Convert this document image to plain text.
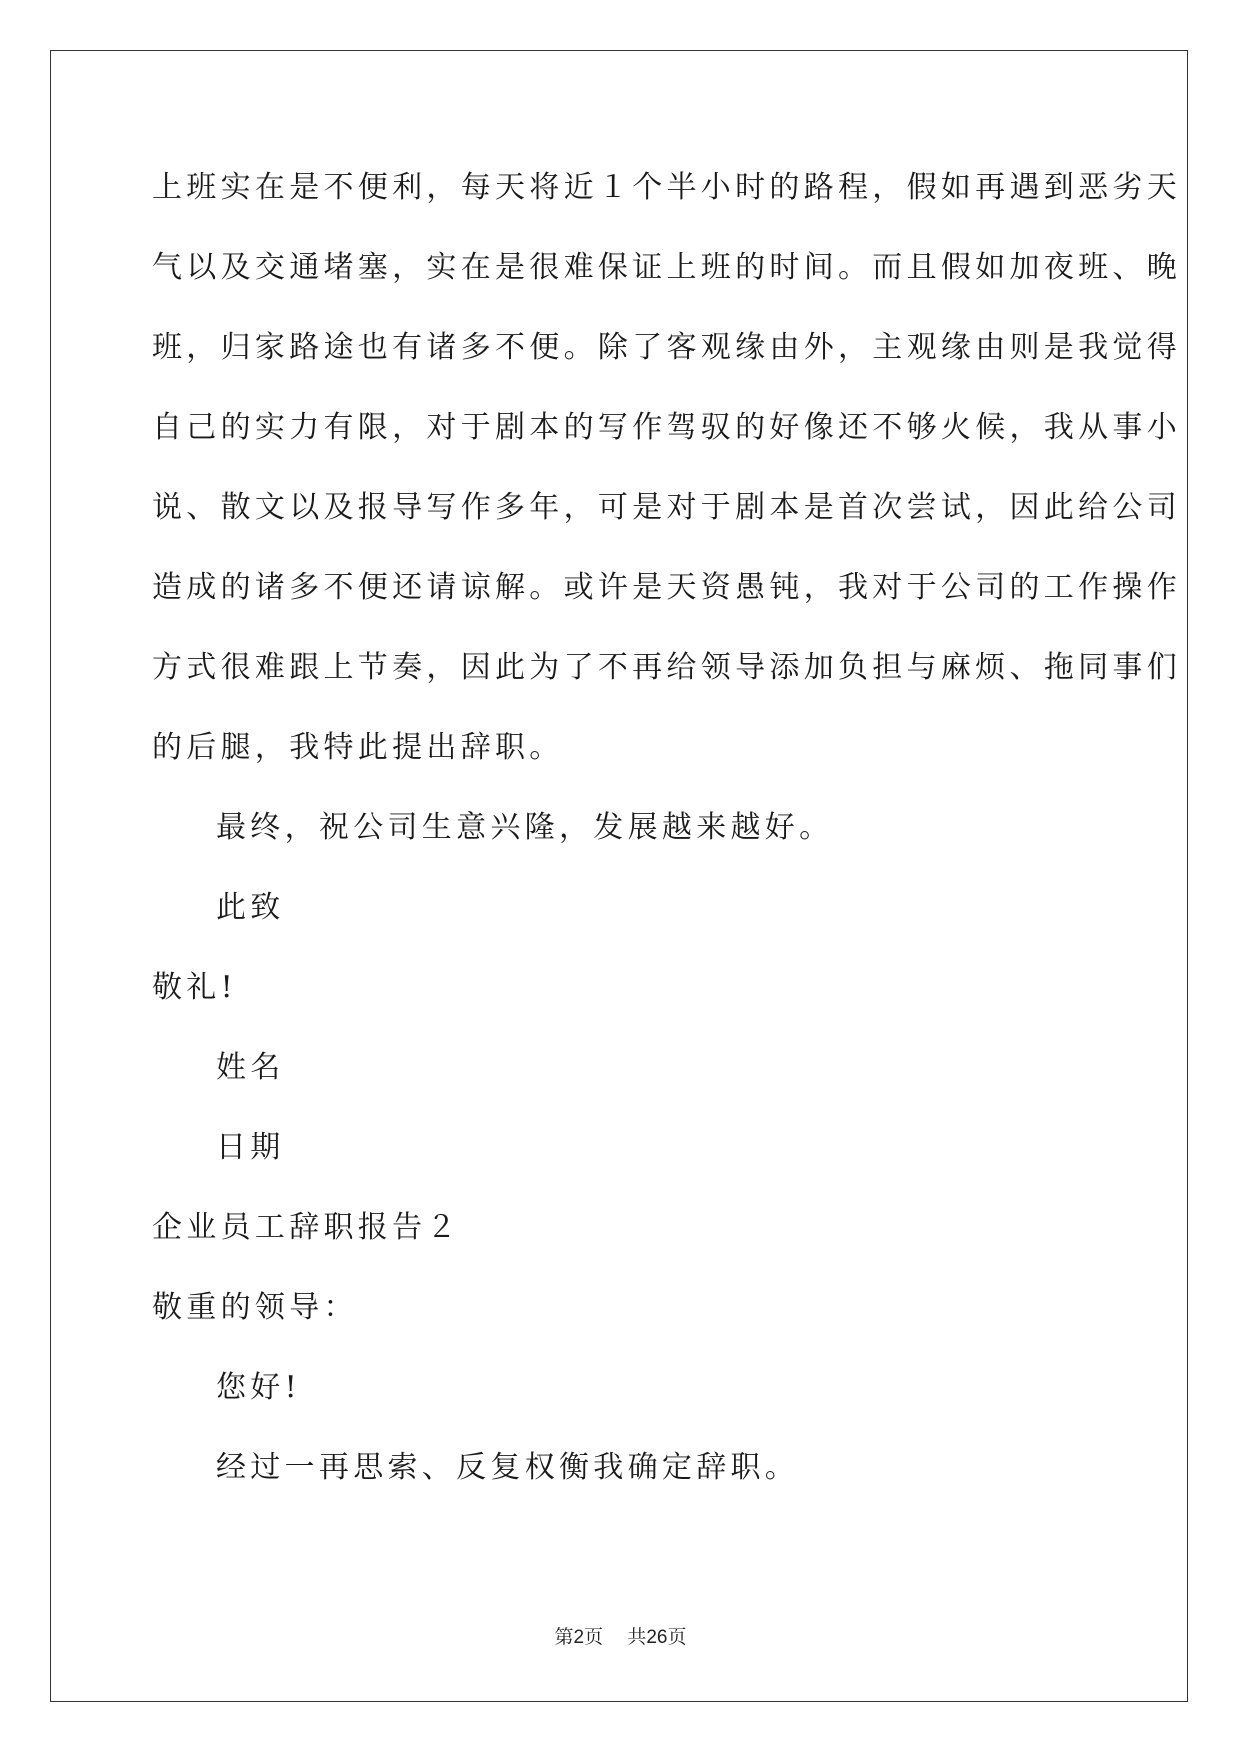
上班实在是不便利，每天将近１个半小时的路程，假如再遇到恶劣天
气以及交通堵塞，实在是很难保证上班的时间。而且假如加夜班、晚
班，归家路途也有诸多不便。除了客观缘由外，主观缘由则是我觉得
自己的实力有限，对于剧本的写作驾驭的好像还不够火候，我从事小
说、散文以及报导写作多年，可是对于剧本是首次尝试，因此给公司
造成的诸多不便还请谅解。或许是天资愚钝，我对于公司的工作操作
方式很难跟上节奏，因此为了不再给领导添加负担与麻烦、拖同事们
的后腿，我特此提出辞职。
最终，祝公司生意兴隆，发展越来越好。
此致
敬礼!
姓名
日期
企业员工辞职报告２
敬重的领导：
您好!
经过一再思索、反复权衡我确定辞职。
第2页 共26页
